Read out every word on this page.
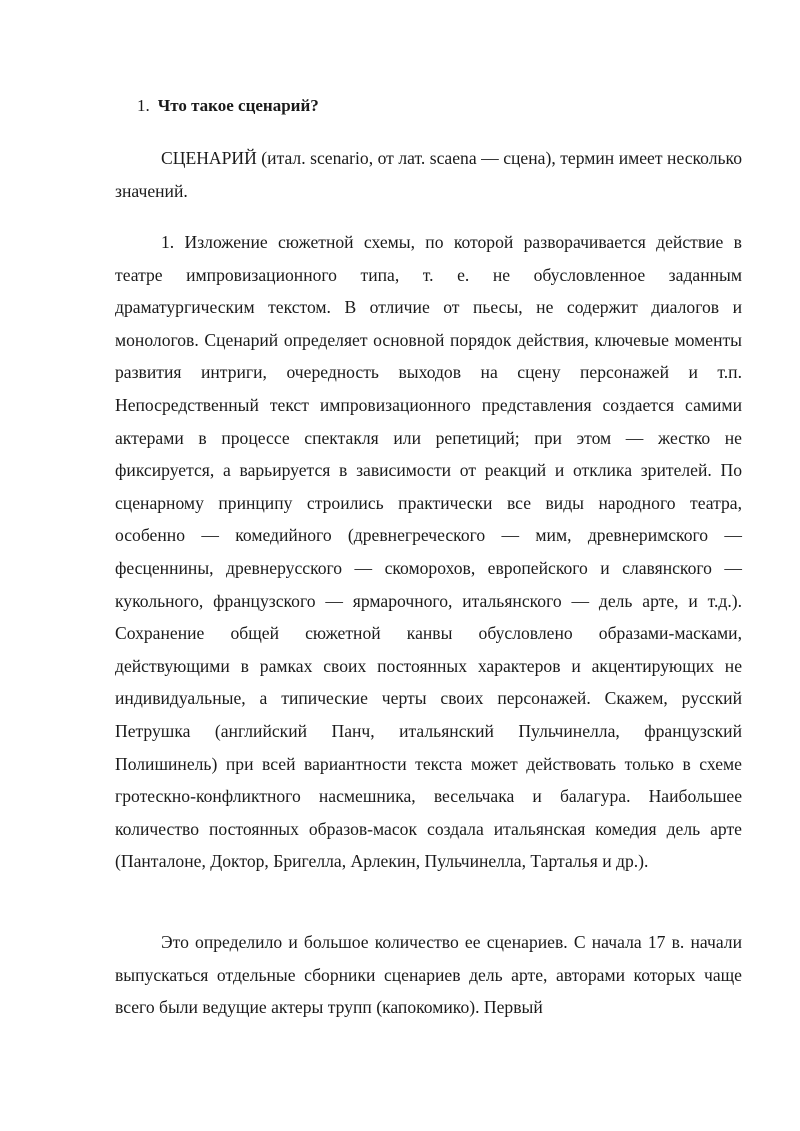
1. Что такое сценарий?

СЦЕНАРИЙ (итал. scenario, от лат. scaena — сцена), термин имеет несколько значений.

1. Изложение сюжетной схемы, по которой разворачивается действие в театре импровизационного типа, т. е. не обусловленное заданным драматургическим текстом. В отличие от пьесы, не содержит диалогов и монологов. Сценарий определяет основной порядок действия, ключевые моменты развития интриги, очередность выходов на сцену персонажей и т.п. Непосредственный текст импровизационного представления создается самими актерами в процессе спектакля или репетиций; при этом — жестко не фиксируется, а варьируется в зависимости от реакций и отклика зрителей. По сценарному принципу строились практически все виды народного театра, особенно — комедийного (древнегреческого — мим, древнеримского — фесценнины, древнерусского — скоморохов, европейского и славянского — кукольного, французского — ярмарочного, итальянского — дель арте, и т.д.). Сохранение общей сюжетной канвы обусловлено образами-масками, действующими в рамках своих постоянных характеров и акцентирующих не индивидуальные, а типические черты своих персонажей. Скажем, русский Петрушка (английский Панч, итальянский Пульчинелла, французский Полишинель) при всей вариантности текста может действовать только в схеме гротескно-конфликтного насмешника, весельчака и балагура. Наибольшее количество постоянных образов-масок создала итальянская комедия дель арте (Панталоне, Доктор, Бригелла, Арлекин, Пульчинелла, Тарталья и др.).

Это определило и большое количество ее сценариев. С начала 17 в. начали выпускаться отдельные сборники сценариев дель арте, авторами которых чаще всего были ведущие актеры трупп (капокомико). Первый
